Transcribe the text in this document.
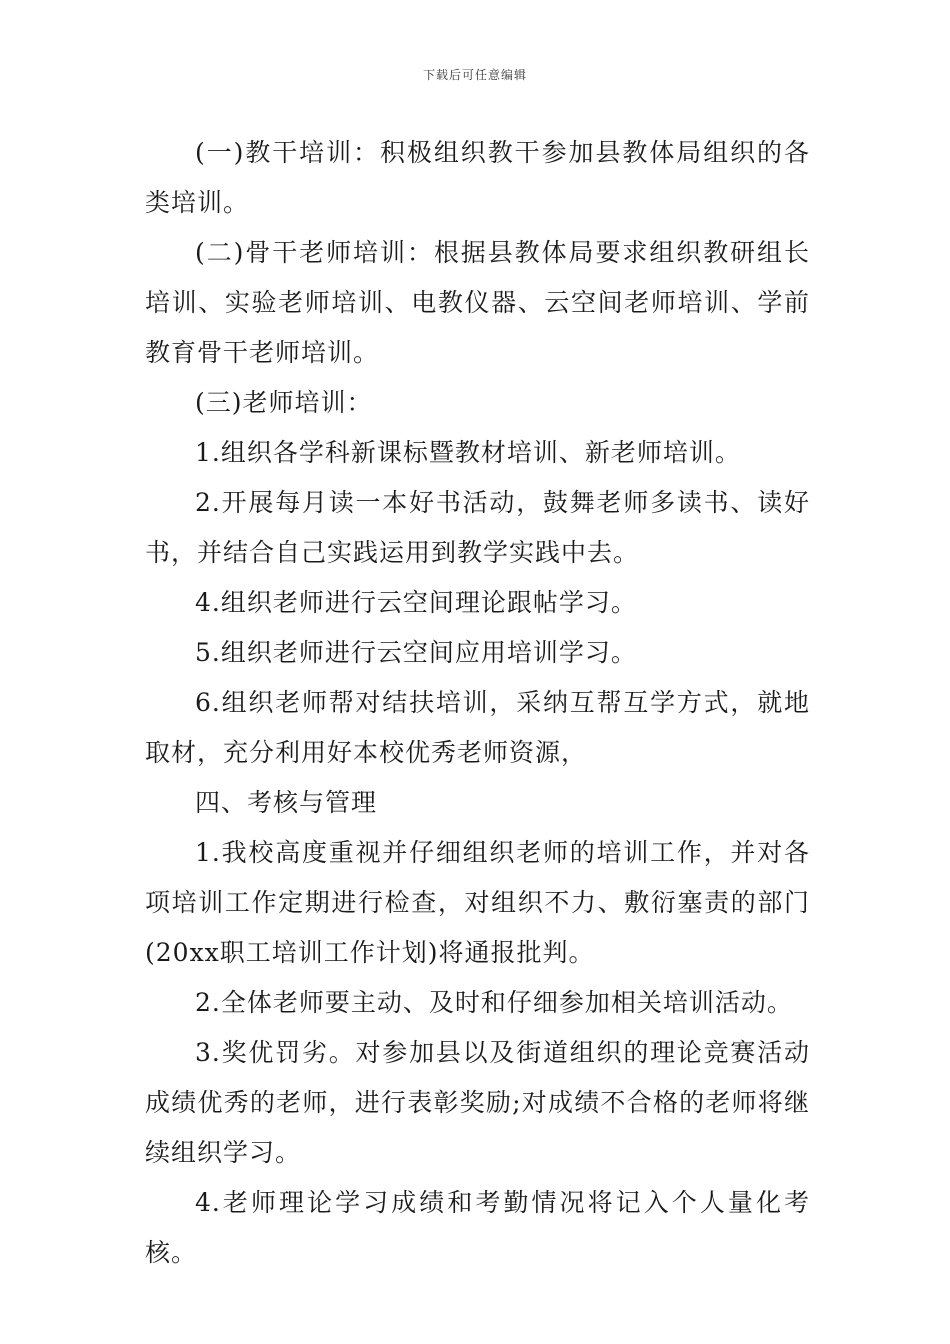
下载后可任意编辑

(一)教干培训：积极组织教干参加县教体局组织的各类培训。

(二)骨干老师培训：根据县教体局要求组织教研组长培训、实验老师培训、电教仪器、云空间老师培训、学前教育骨干老师培训。

(三)老师培训：

1.组织各学科新课标暨教材培训、新老师培训。

2.开展每月读一本好书活动，鼓舞老师多读书、读好书，并结合自己实践运用到教学实践中去。

4.组织老师进行云空间理论跟帖学习。

5.组织老师进行云空间应用培训学习。

6.组织老师帮对结扶培训，采纳互帮互学方式，就地取材，充分利用好本校优秀老师资源，

四、考核与管理

1.我校高度重视并仔细组织老师的培训工作，并对各项培训工作定期进行检查，对组织不力、敷衍塞责的部门(20xx职工培训工作计划)将通报批判。

2.全体老师要主动、及时和仔细参加相关培训活动。

3.奖优罚劣。对参加县以及街道组织的理论竞赛活动成绩优秀的老师，进行表彰奖励;对成绩不合格的老师将继续组织学习。

4.老师理论学习成绩和考勤情况将记入个人量化考核。
